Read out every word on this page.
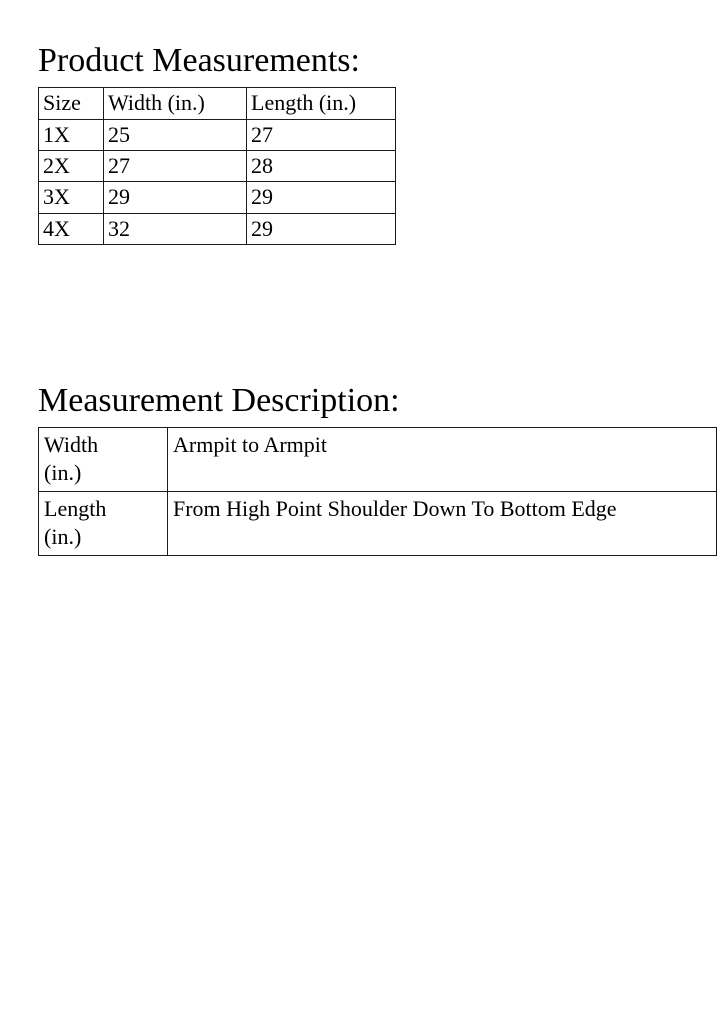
Product Measurements:
Size	Width (in.)	Length (in.)
1X	25	27
2X	27	28
3X	29	29
4X	32	29
Measurement Description:
Width
(in.)	Armpit to Armpit

Length
(in.)	From High Point Shoulder Down To Bottom Edge
